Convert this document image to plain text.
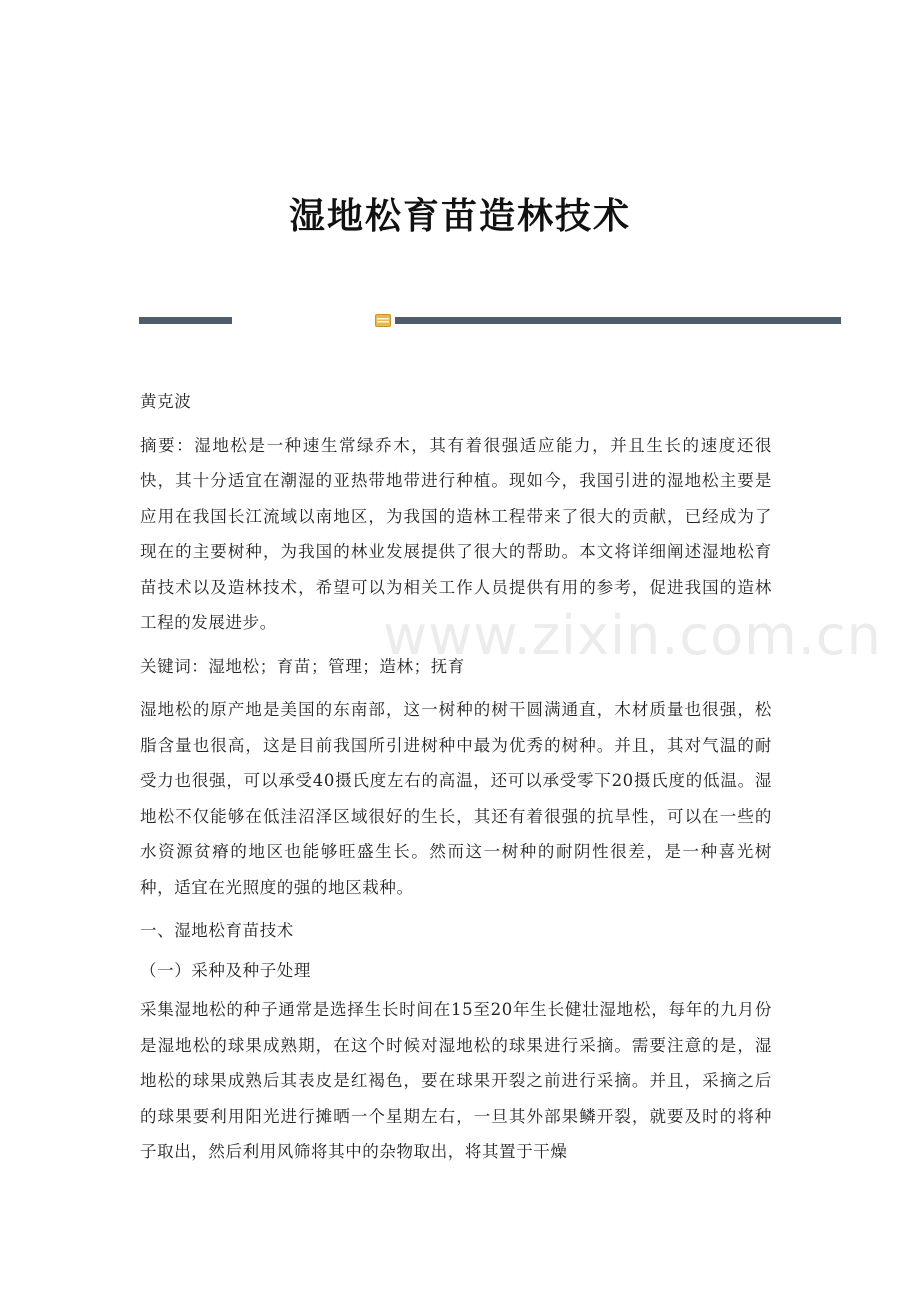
湿地松育苗造林技术

黄克波

摘要：湿地松是一种速生常绿乔木，其有着很强适应能力，并且生长的速度还很快，其十分适宜在潮湿的亚热带地带进行种植。现如今，我国引进的湿地松主要是应用在我国长江流域以南地区，为我国的造林工程带来了很大的贡献，已经成为了现在的主要树种，为我国的林业发展提供了很大的帮助。本文将详细阐述湿地松育苗技术以及造林技术，希望可以为相关工作人员提供有用的参考，促进我国的造林工程的发展进步。

关键词：湿地松；育苗；管理；造林；抚育

湿地松的原产地是美国的东南部，这一树种的树干圆满通直，木材质量也很强，松脂含量也很高，这是目前我国所引进树种中最为优秀的树种。并且，其对气温的耐受力也很强，可以承受40摄氏度左右的高温，还可以承受零下20摄氏度的低温。湿地松不仅能够在低洼沼泽区域很好的生长，其还有着很强的抗旱性，可以在一些的水资源贫瘠的地区也能够旺盛生长。然而这一树种的耐阴性很差，是一种喜光树种，适宜在光照度的强的地区栽种。

一、湿地松育苗技术

（一）采种及种子处理

采集湿地松的种子通常是选择生长时间在15至20年生长健壮湿地松，每年的九月份是湿地松的球果成熟期，在这个时候对湿地松的球果进行采摘。需要注意的是，湿地松的球果成熟后其表皮是红褐色，要在球果开裂之前进行采摘。并且，采摘之后的球果要利用阳光进行摊晒一个星期左右，一旦其外部果鳞开裂，就要及时的将种子取出，然后利用风筛将其中的杂物取出，将其置于干燥

www.zixin.com.cn
